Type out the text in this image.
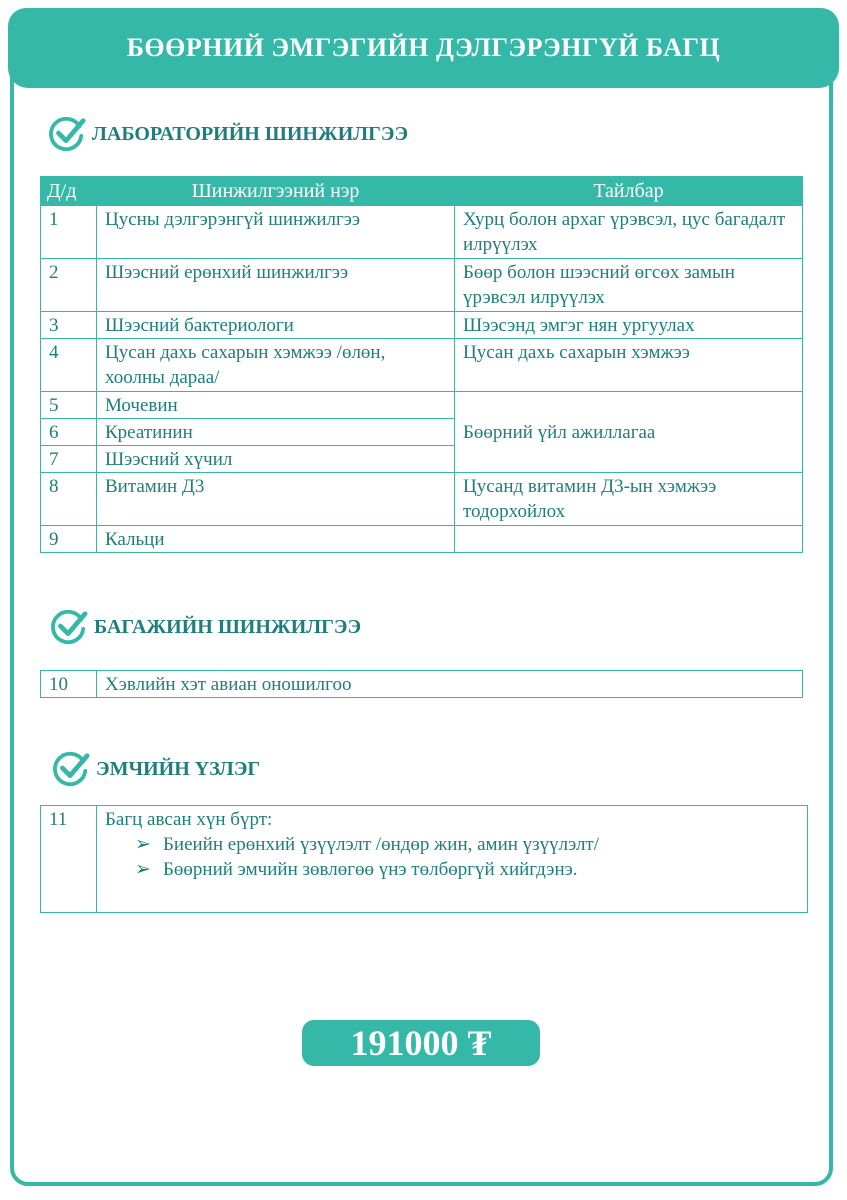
БӨӨРНИЙ ЭМГЭГИЙН ДЭЛГЭРЭНГҮЙ БАГЦ
ЛАБОРАТОРИЙН ШИНЖИЛГЭЭ
Д/д	Шинжилгээний нэр	Тайлбар
1	Цусны дэлгэрэнгүй шинжилгээ	Хурц болон архаг үрэвсэл, цус багадалт илрүүлэх
2	Шээсний ерөнхий шинжилгээ	Бөөр болон шээсний өгсөх замын үрэвсэл илрүүлэх
3	Шээсний бактериологи	Шээсэнд эмгэг нян ургуулах
4	Цусан дахь сахарын хэмжээ /өлөн, хоолны дараа/	Цусан дахь сахарын хэмжээ
5	Мочевин	Бөөрний үйл ажиллагаа
6	Креатинин	
7	Шээсний хүчил	
8	Витамин Д3	Цусанд витамин Д3-ын хэмжээ тодорхойлох
9	Кальци	
БАГАЖИЙН ШИНЖИЛГЭЭ
10	Хэвлийн хэт авиан оношилгоо
ЭМЧИЙН ҮЗЛЭГ
11	Багц авсан хүн бүрт:
➢ Биеийн ерөнхий үзүүлэлт /өндөр жин, амин үзүүлэлт/
➢ Бөөрний эмчийн зөвлөгөө үнэ төлбөргүй хийгдэнэ.
191000 ₮
